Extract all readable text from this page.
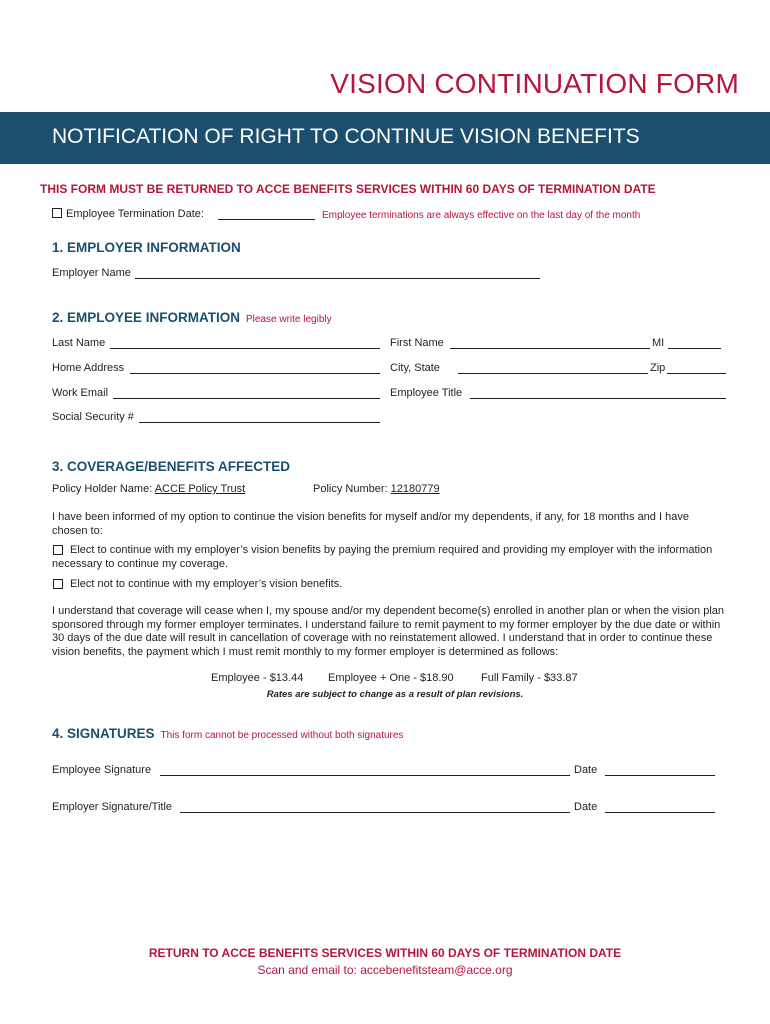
VISION CONTINUATION FORM
NOTIFICATION OF RIGHT TO CONTINUE VISION BENEFITS
THIS FORM MUST BE RETURNED TO ACCE BENEFITS SERVICES WITHIN 60 DAYS OF TERMINATION DATE
Employee Termination Date:	Employee terminations are always effective on the last day of the month
1. EMPLOYER INFORMATION
Employer Name
2. EMPLOYEE INFORMATION Please write legibly
Last Name	First Name	MI
Home Address	City, State	Zip
Work Email	Employee Title
Social Security #
3. COVERAGE/BENEFITS AFFECTED
Policy Holder Name: ACCE Policy Trust	Policy Number: 12180779
I have been informed of my option to continue the vision benefits for myself and/or my dependents, if any, for 18 months and I have chosen to:
Elect to continue with my employer’s vision benefits by paying the premium required and providing my employer with the information necessary to continue my coverage.
Elect not to continue with my employer’s vision benefits.
I understand that coverage will cease when I, my spouse and/or my dependent become(s) enrolled in another plan or when the vision plan sponsored through my former employer terminates. I understand failure to remit payment to my former employer by the due date or within 30 days of the due date will result in cancellation of coverage with no reinstatement allowed. I understand that in order to continue these vision benefits, the payment which I must remit monthly to my former employer is determined as follows:
Employee - $13.44 Employee + One - $18.90 Full Family - $33.87
Rates are subject to change as a result of plan revisions.
4. SIGNATURES This form cannot be processed without both signatures
Employee Signature	Date
Employer Signature/Title	Date
RETURN TO ACCE BENEFITS SERVICES WITHIN 60 DAYS OF TERMINATION DATE
Scan and email to: accebenefitsteam@acce.org
